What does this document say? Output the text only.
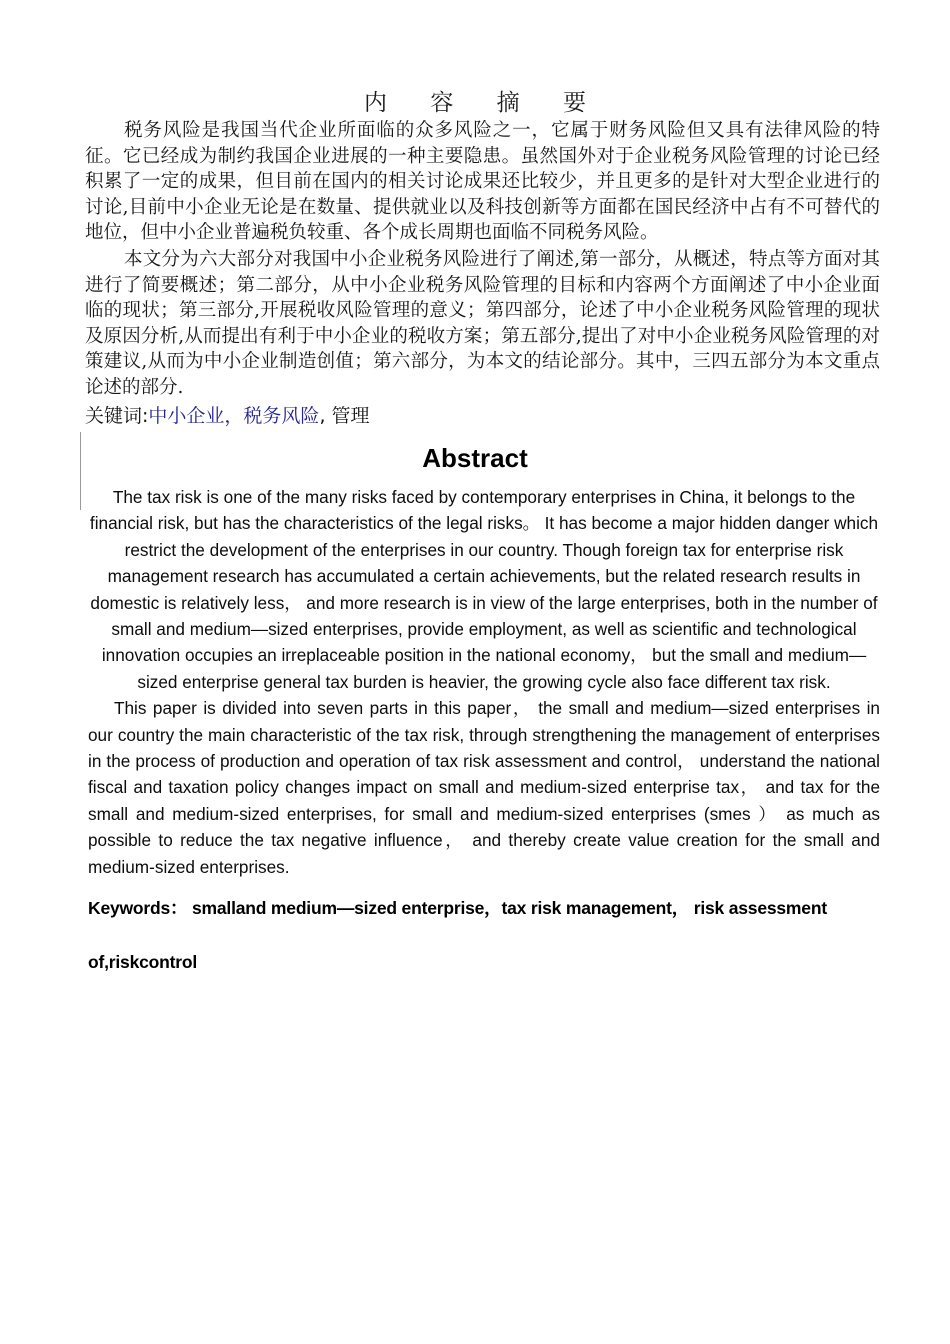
内 容 摘 要

税务风险是我国当代企业所面临的众多风险之一，它属于财务风险但又具有法律风险的特征。它已经成为制约我国企业进展的一种主要隐患。虽然国外对于企业税务风险管理的讨论已经积累了一定的成果，但目前在国内的相关讨论成果还比较少，并且更多的是针对大型企业进行的讨论,目前中小企业无论是在数量、提供就业以及科技创新等方面都在国民经济中占有不可替代的地位，但中小企业普遍税负较重、各个成长周期也面临不同税务风险。

本文分为六大部分对我国中小企业税务风险进行了阐述,第一部分，从概述，特点等方面对其进行了简要概述；第二部分，从中小企业税务风险管理的目标和内容两个方面阐述了中小企业面临的现状；第三部分,开展税收风险管理的意义；第四部分，论述了中小企业税务风险管理的现状及原因分析,从而提出有利于中小企业的税收方案；第五部分,提出了对中小企业税务风险管理的对策建议,从而为中小企业制造创值；第六部分，为本文的结论部分。其中，三四五部分为本文重点论述的部分.

关键词:中小企业，税务风险, 管理

Abstract

The tax risk is one of the many risks faced by contemporary enterprises in China, it belongs to the financial risk, but has the characteristics of the legal risks。 It has become a major hidden danger which restrict the development of the enterprises in our country. Though foreign tax for enterprise risk management research has accumulated a certain achievements, but the related research results in domestic is relatively less， and more research is in view of the large enterprises, both in the number of small and medium—sized enterprises, provide employment, as well as scientific and technological innovation occupies an irreplaceable position in the national economy， but the small and medium—sized enterprise general tax burden is heavier, the growing cycle also face different tax risk.

This paper is divided into seven parts in this paper， the small and medium—sized enterprises in our country the main characteristic of the tax risk, through strengthening the management of enterprises in the process of production and operation of tax risk assessment and control， understand the national fiscal and taxation policy changes impact on small and medium-sized enterprise tax， and tax for the small and medium-sized enterprises, for small and medium-sized enterprises (smes ） as much as possible to reduce the tax negative influence， and thereby create value creation for the small and medium-sized enterprises.

Keywords： smalland medium—sized enterprise，tax risk management， risk assessment
of,riskcontrol
